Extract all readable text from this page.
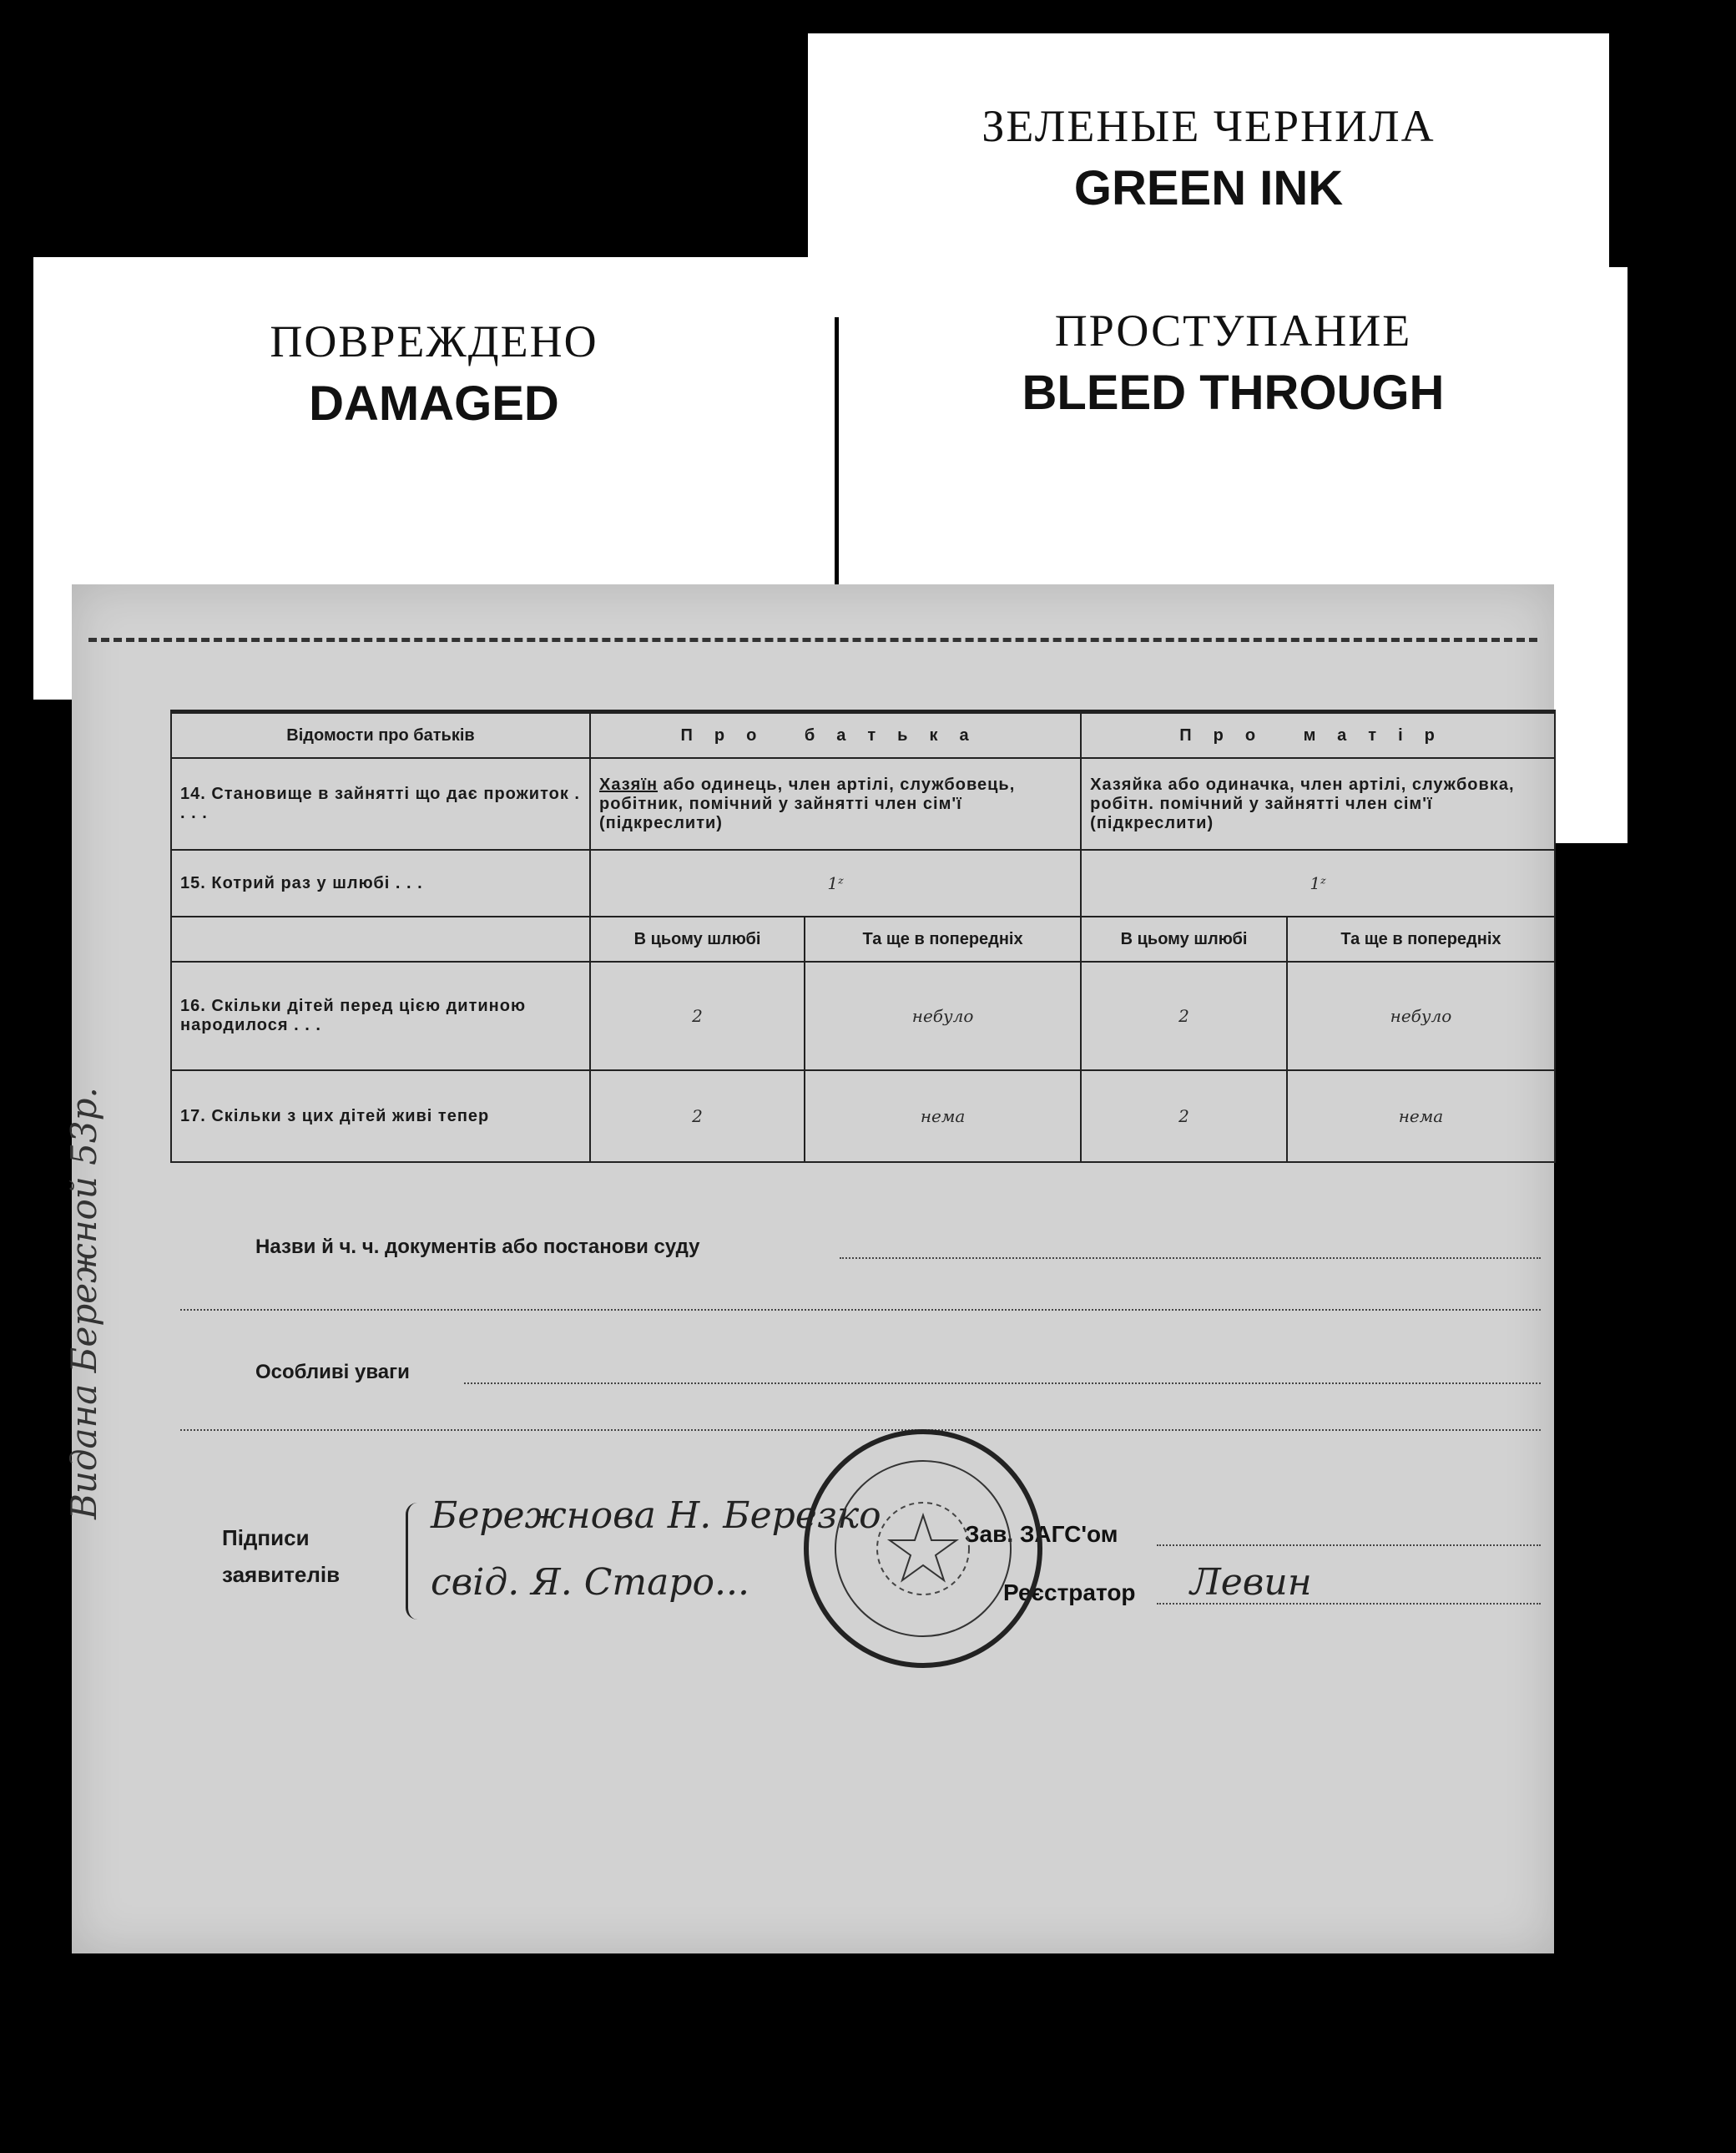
ЗЕЛЕНЫЕ ЧЕРНИЛА
GREEN INK
ПОВРЕЖДЕНО
DAMAGED
ПРОСТУПАНИЕ
BLEED THROUGH
Відомости про батьків	Про батька		Про матір	
14. Становище в зайнятті що дає прожиток . . . .	Хазяїн або одинець, член артілі, службовець, робітник, помічний у зайнятті член сім'ї (підкреслити)		Хазяйка або одиначка, член артілі, службовка, робітн. помічний у зайнятті член сім'ї (підкреслити)	
15. Котрий раз у шлюбі . . .	1ᶻ		1ᶻ	
	В цьому шлюбі	Та ще в попередніх	В цьому шлюбі	Та ще в попередніх
16. Скільки дітей перед цією дитиною народилося . . .	2	небуло	2	небуло
17. Скільки з цих дітей живі тепер	2	нема	2	нема
Назви й ч. ч. документів або постанови суду
Особливі уваги
Підписи
заявителів
Бережнова Н. Березко
свід. Я. Старо...
Зав. ЗАГС'ом
Реєстратор Левин
Видана Бережной 53р.
